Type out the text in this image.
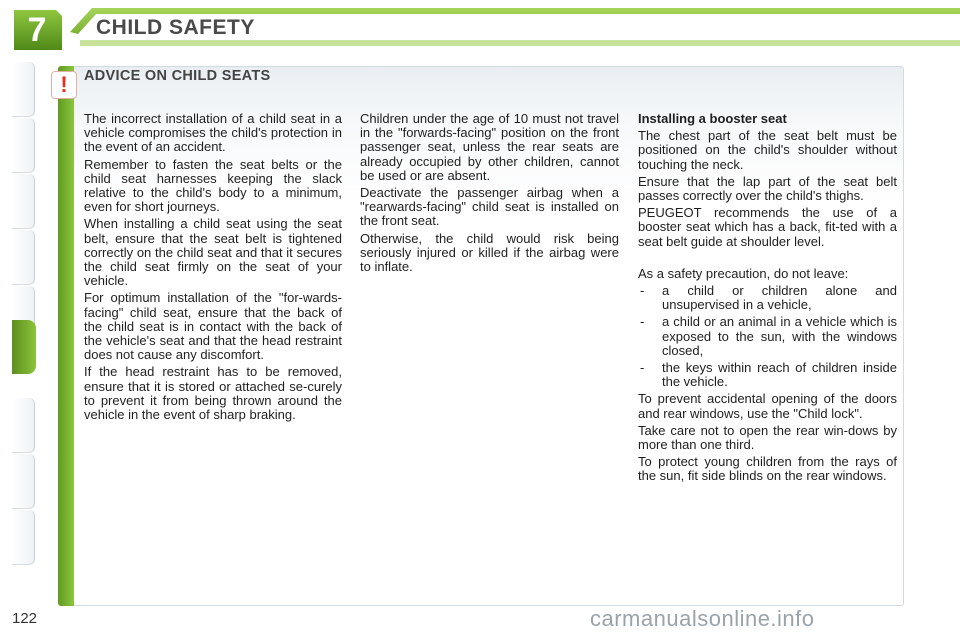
7	CHILD SAFETY
!	ADVICE ON CHILD SEATS

The incorrect installation of a child seat in a vehicle compromises the child's protection in the event of an accident.

Remember to fasten the seat belts or the child seat harnesses keeping the slack relative to the child's body to a minimum, even for short journeys.

When installing a child seat using the seat belt, ensure that the seat belt is tightened correctly on the child seat and that it secures the child seat firmly on the seat of your vehicle.

For optimum installation of the "for-wards-facing" child seat, ensure that the back of the child seat is in contact with the back of the vehicle's seat and that the head restraint does not cause any discomfort.

If the head restraint has to be removed, ensure that it is stored or attached se-curely to prevent it from being thrown around the vehicle in the event of sharp braking.

Children under the age of 10 must not travel in the "forwards-facing" position on the front passenger seat, unless the rear seats are already occupied by other children, cannot be used or are absent.

Deactivate the passenger airbag when a "rearwards-facing" child seat is installed on the front seat.

Otherwise, the child would risk being seriously injured or killed if the airbag were to inflate.

Installing a booster seat

The chest part of the seat belt must be positioned on the child's shoulder without touching the neck.

Ensure that the lap part of the seat belt passes correctly over the child's thighs.

PEUGEOT recommends the use of a booster seat which has a back, fit-ted with a seat belt guide at shoulder level.

As a safety precaution, do not leave:

- a child or children alone and unsupervised in a vehicle,
- a child or an animal in a vehicle which is exposed to the sun, with the windows closed,
- the keys within reach of children inside the vehicle.

To prevent accidental opening of the doors and rear windows, use the "Child lock".

Take care not to open the rear win-dows by more than one third.

To protect young children from the rays of the sun, fit side blinds on the rear windows.

122	carmanualsonline.info
